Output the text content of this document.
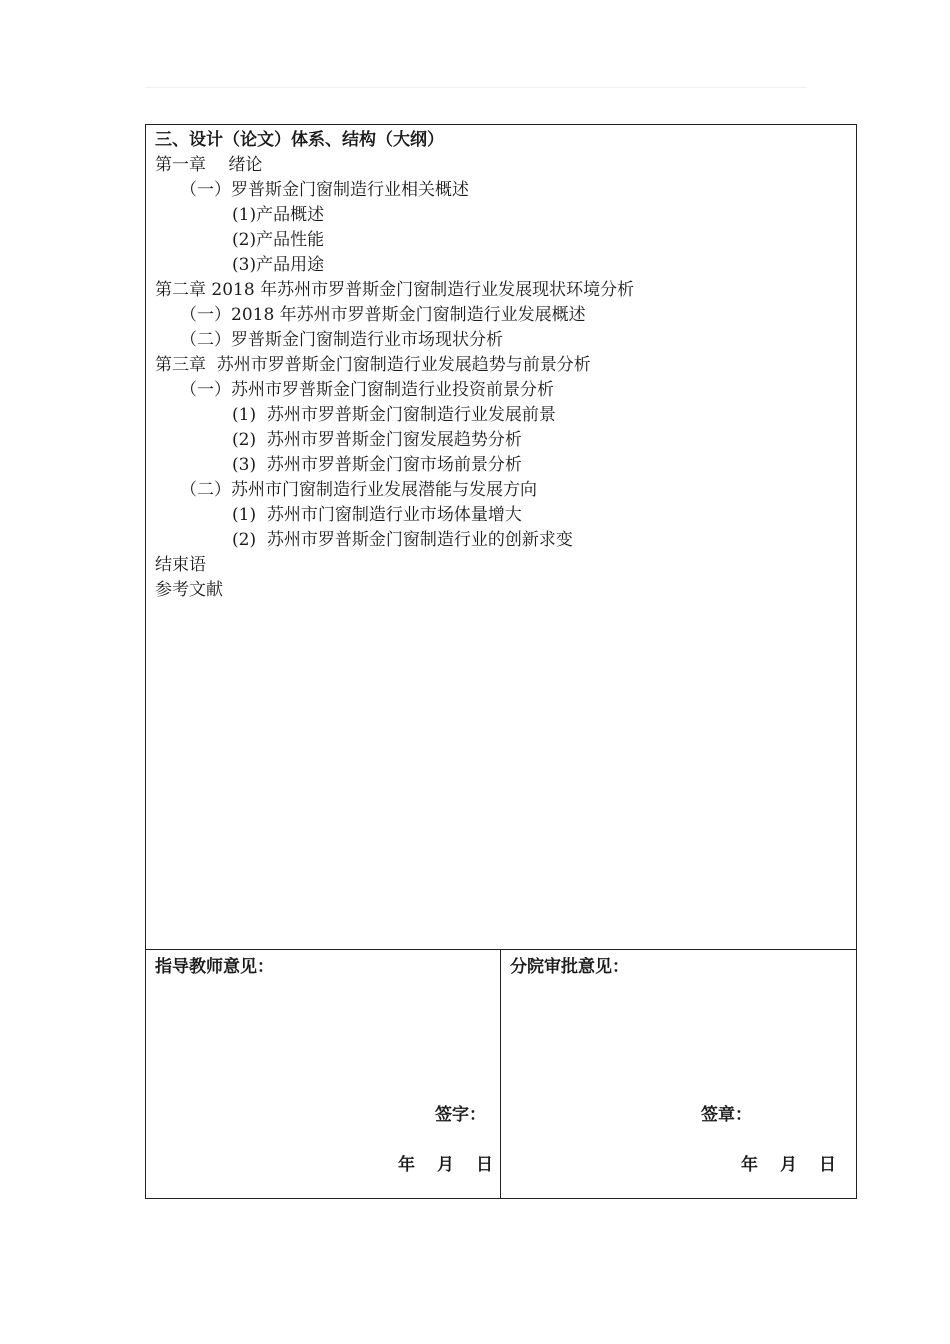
三、设计（论文）体系、结构（大纲）
第一章　 绪论
（一）罗普斯金门窗制造行业相关概述
(1)产品概述
(2)产品性能
(3)产品用途
第二章 2018 年苏州市罗普斯金门窗制造行业发展现状环境分析
（一）2018 年苏州市罗普斯金门窗制造行业发展概述
（二）罗普斯金门窗制造行业市场现状分析
第三章  苏州市罗普斯金门窗制造行业发展趋势与前景分析
（一）苏州市罗普斯金门窗制造行业投资前景分析
(1)  苏州市罗普斯金门窗制造行业发展前景
(2)  苏州市罗普斯金门窗发展趋势分析
(3)  苏州市罗普斯金门窗市场前景分析
（二）苏州市门窗制造行业发展潜能与发展方向
(1)  苏州市门窗制造行业市场体量增大
(2)  苏州市罗普斯金门窗制造行业的创新求变
结束语
参考文献
指导教师意见：
签字：
年 月 日
分院审批意见：
签章：
年 月 日
